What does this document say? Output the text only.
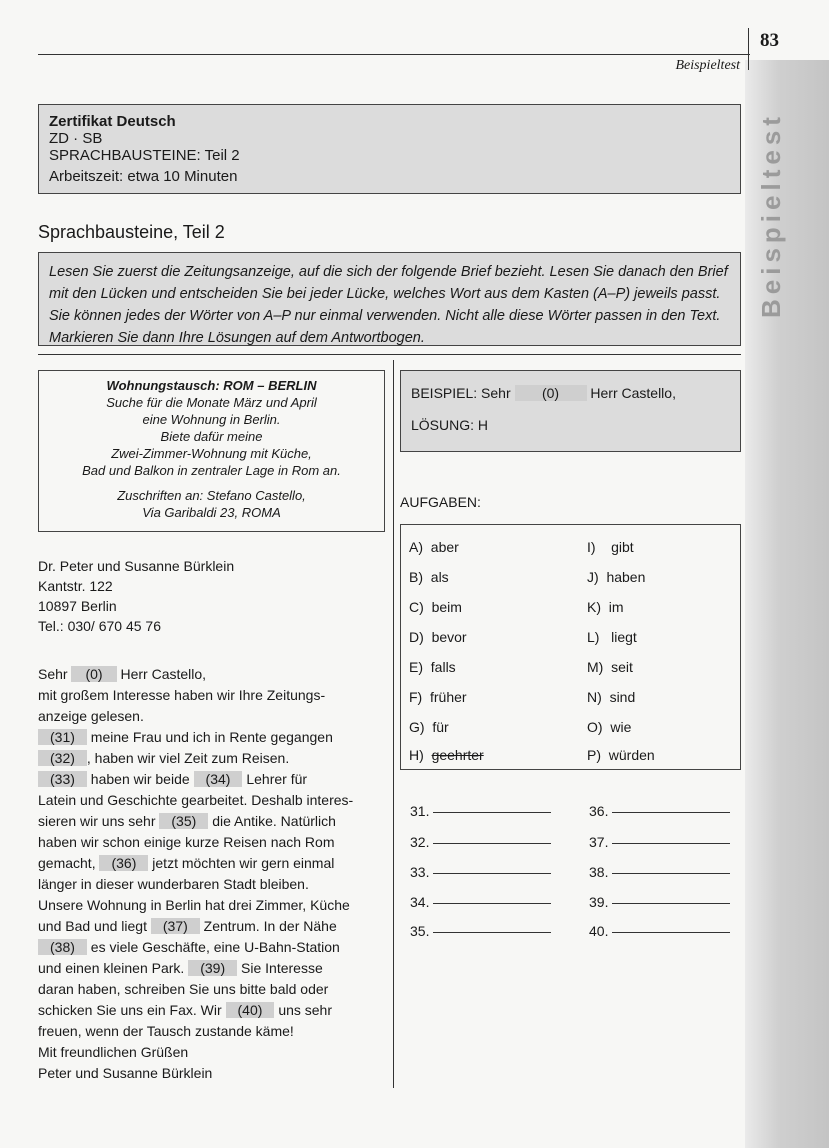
Beispieltest
83
Beispieltest
Zertifikat Deutsch
ZD · SB
SPRACHBAUSTEINE: Teil 2
Arbeitszeit: etwa 10 Minuten
Sprachbausteine, Teil 2
Lesen Sie zuerst die Zeitungsanzeige, auf die sich der folgende Brief bezieht. Lesen Sie danach den Brief
mit den Lücken und entscheiden Sie bei jeder Lücke, welches Wort aus dem Kasten (A–P) jeweils passt.
Sie können jedes der Wörter von A–P nur einmal verwenden. Nicht alle diese Wörter passen in den Text.
Markieren Sie dann Ihre Lösungen auf dem Antwortbogen.
Wohnungstausch: ROM – BERLIN
Suche für die Monate März und April
eine Wohnung in Berlin.
Biete dafür meine
Zwei-Zimmer-Wohnung mit Küche,
Bad und Balkon in zentraler Lage in Rom an.
Zuschriften an: Stefano Castello,
Via Garibaldi 23, ROMA
BEISPIEL: Sehr (0) Herr Castello,
LÖSUNG: H
AUFGABEN:
A) aber
B) als
C) beim
D) bevor
E) falls
F) früher
G) für
H) geehrter
I) gibt
J) haben
K) im
L) liegt
M) seit
N) sind
O) wie
P) würden
31.
32.
33.
34.
35.
36.
37.
38.
39.
40.
Dr. Peter und Susanne Bürklein
Kantstr. 122
10897 Berlin
Tel.: 030/ 670 45 76
Sehr (0) Herr Castello,
mit großem Interesse haben wir Ihre Zeitungs-
anzeige gelesen.
(31) meine Frau und ich in Rente gegangen
(32) , haben wir viel Zeit zum Reisen.
(33) haben wir beide (34) Lehrer für
Latein und Geschichte gearbeitet. Deshalb interes-
sieren wir uns sehr (35) die Antike. Natürlich
haben wir schon einige kurze Reisen nach Rom
gemacht, (36) jetzt möchten wir gern einmal
länger in dieser wunderbaren Stadt bleiben.
Unsere Wohnung in Berlin hat drei Zimmer, Küche
und Bad und liegt (37) Zentrum. In der Nähe
(38) es viele Geschäfte, eine U-Bahn-Station
und einen kleinen Park. (39) Sie Interesse
daran haben, schreiben Sie uns bitte bald oder
schicken Sie uns ein Fax. Wir (40) uns sehr
freuen, wenn der Tausch zustande käme!
Mit freundlichen Grüßen
Peter und Susanne Bürklein
